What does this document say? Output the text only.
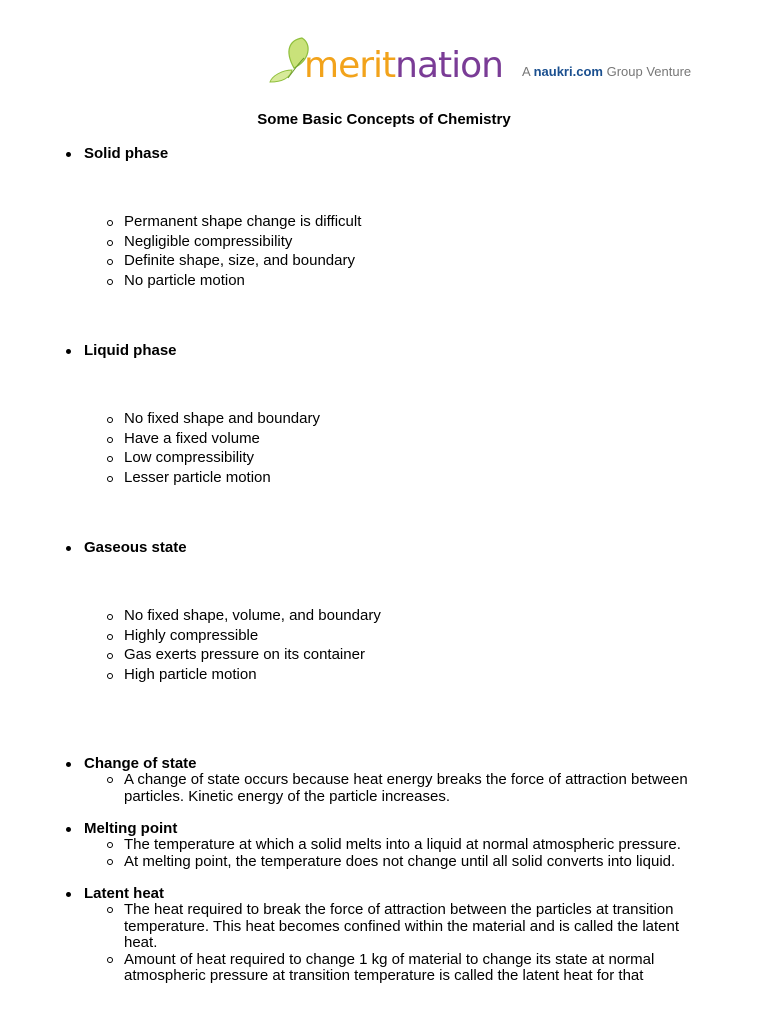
meritnation A naukri.com Group Venture
Some Basic Concepts of Chemistry
Solid phase
Permanent shape change is difficult
Negligible compressibility
Definite shape, size, and boundary
No particle motion
Liquid phase
No fixed shape and boundary
Have a fixed volume
Low compressibility
Lesser particle motion
Gaseous state
No fixed shape, volume, and boundary
Highly compressible
Gas exerts pressure on its container
High particle motion
Change of state
A change of state occurs because heat energy breaks the force of attraction between
particles. Kinetic energy of the particle increases.
Melting point
The temperature at which a solid melts into a liquid at normal atmospheric pressure.
At melting point, the temperature does not change until all solid converts into liquid.
Latent heat
The heat required to break the force of attraction between the particles at transition
temperature. This heat becomes confined within the material and is called the latent
heat.
Amount of heat required to change 1 kg of material to change its state at normal
atmospheric pressure at transition temperature is called the latent heat for that
